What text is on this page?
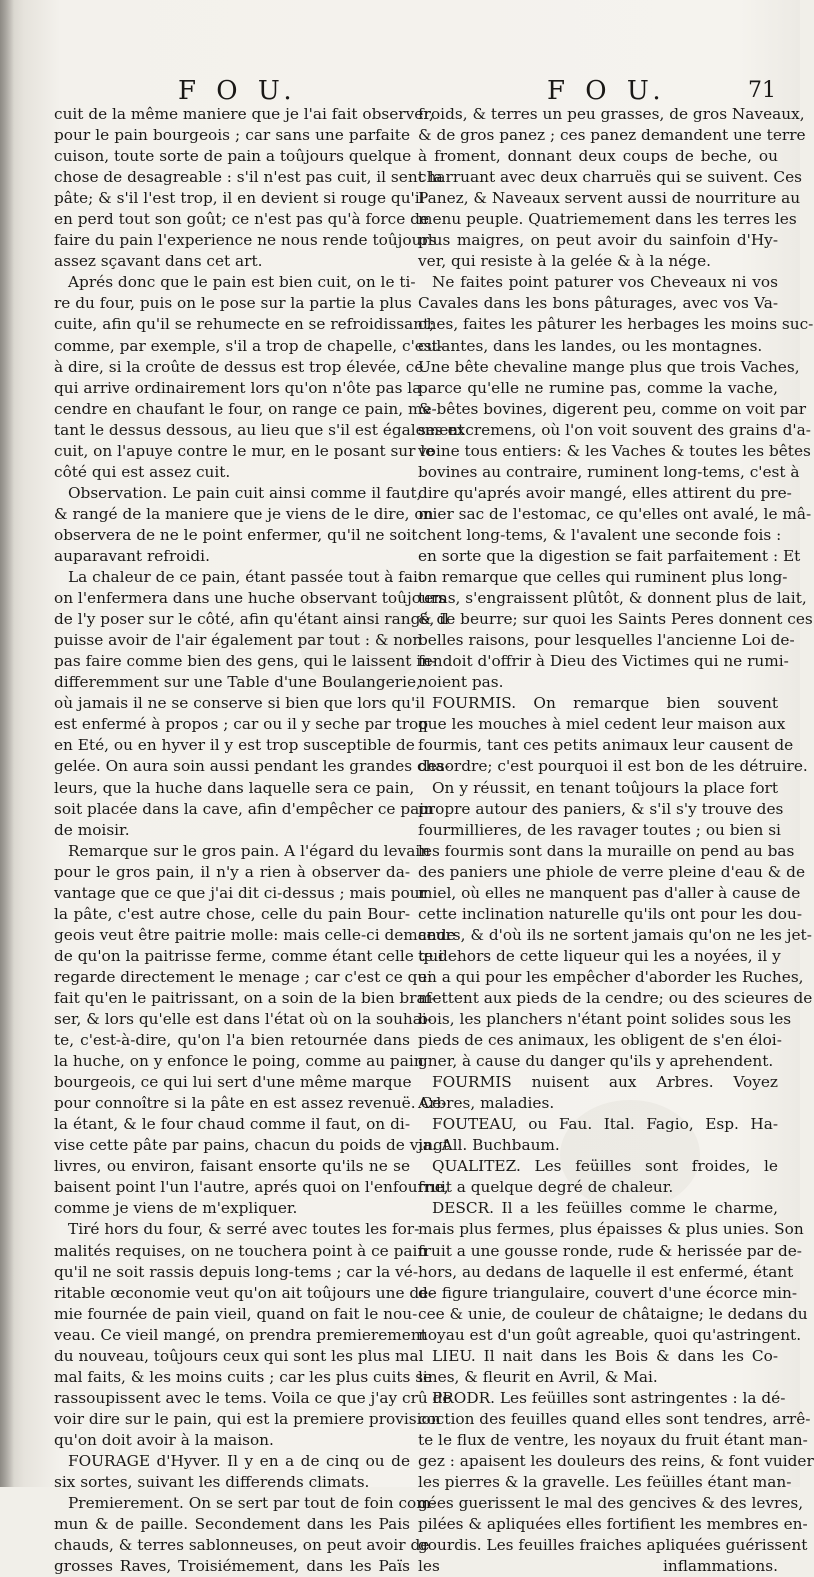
F O U.	F O U.	71
cuit de la même maniere que je l'ai fait observer,
pour le pain bourgeois ; car sans une parfaite
cuison, toute sorte de pain a toûjours quelque
chose de desagreable : s'il n'est pas cuit, il sent la
pâte; & s'il l'est trop, il en devient si rouge qu'il
en perd tout son goût; ce n'est pas qu'à force de
faire du pain l'experience ne nous rende toûjours
assez sçavant dans cet art.
Aprés donc que le pain est bien cuit, on le ti-
re du four, puis on le pose sur la partie la plus
cuite, afin qu'il se rehumecte en se refroidissant;
comme, par exemple, s'il a trop de chapelle, c'est-
à dire, si la croûte de dessus est trop élevée, ce
qui arrive ordinairement lors qu'on n'ôte pas la
cendre en chaufant le four, on range ce pain, me-
tant le dessus dessous, au lieu que s'il est également
cuit, on l'apuye contre le mur, en le posant sur le
côté qui est assez cuit.
Observation. Le pain cuit ainsi comme il faut,
& rangé de la maniere que je viens de le dire, on
observera de ne le point enfermer, qu'il ne soit
auparavant refroidi.
La chaleur de ce pain, étant passée tout à fait
on l'enfermera dans une huche observant toûjours
de l'y poser sur le côté, afin qu'étant ainsi rangé, il
puisse avoir de l'air également par tout : & non
pas faire comme bien des gens, qui le laissent in-
differemment sur une Table d'une Boulangerie,
où jamais il ne se conserve si bien que lors qu'il
est enfermé à propos ; car ou il y seche par trop
en Eté, ou en hyver il y est trop susceptible de
gelée. On aura soin aussi pendant les grandes cha-
leurs, que la huche dans laquelle sera ce pain,
soit placée dans la cave, afin d'empêcher ce pain
de moisir.
Remarque sur le gros pain. A l'égard du levain
pour le gros pain, il n'y a rien à observer da-
vantage que ce que j'ai dit ci-dessus ; mais pour
la pâte, c'est autre chose, celle du pain Bour-
geois veut être paitrie molle: mais celle-ci demande
de qu'on la paitrisse ferme, comme étant celle qui
regarde directement le menage ; car c'est ce qui
fait qu'en le paitrissant, on a soin de la bien braf-
ser, & lors qu'elle est dans l'état où on la souhai-
te, c'est-à-dire, qu'on l'a bien retournée dans
la huche, on y enfonce le poing, comme au pain
bourgeois, ce qui lui sert d'une même marque
pour connoître si la pâte en est assez revenuë. Ce-
la étant, & le four chaud comme il faut, on di-
vise cette pâte par pains, chacun du poids de vingt
livres, ou environ, faisant ensorte qu'ils ne se
baisent point l'un l'autre, aprés quoi on l'enfourne,
comme je viens de m'expliquer.
Tiré hors du four, & serré avec toutes les for-
malités requises, on ne touchera point à ce pain
qu'il ne soit rassis depuis long-tems ; car la vé-
ritable œconomie veut qu'on ait toûjours une de-
mie fournée de pain vieil, quand on fait le nou-
veau. Ce vieil mangé, on prendra premierement
du nouveau, toûjours ceux qui sont les plus mal
mal faits, & les moins cuits ; car les plus cuits se
rassoupissent avec le tems. Voila ce que j'ay crû de
voir dire sur le pain, qui est la premiere provision
qu'on doit avoir à la maison.
FOURAGE d'Hyver. Il y en a de cinq ou de
six sortes, suivant les differends climats.
Premierement. On se sert par tout de foin com-
mun & de paille. Secondement dans les Pais
chauds, & terres sablonneuses, on peut avoir de
grosses Raves, Troisiémement, dans les Païs
froids, & terres un peu grasses, de gros Naveaux,
& de gros panez ; ces panez demandent une terre
à froment, donnant deux coups de beche, ou
charruant avec deux charruës qui se suivent. Ces
Panez, & Naveaux servent aussi de nourriture au
menu peuple. Quatriemement dans les terres les
plus maigres, on peut avoir du sainfoin d'Hy-
ver, qui resiste à la gelée & à la nége.
Ne faites point paturer vos Cheveaux ni vos
Cavales dans les bons pâturages, avec vos Va-
ches, faites les pâturer les herbages les moins suc-
culantes, dans les landes, ou les montagnes.
Une bête chevaline mange plus que trois Vaches,
parce qu'elle ne rumine pas, comme la vache,
& bêtes bovines, digerent peu, comme on voit par
ses excremens, où l'on voit souvent des grains d'a-
voine tous entiers: & les Vaches & toutes les bêtes
bovines au contraire, ruminent long-tems, c'est à
dire qu'aprés avoir mangé, elles attirent du pre-
mier sac de l'estomac, ce qu'elles ont avalé, le mâ-
chent long-tems, & l'avalent une seconde fois :
en sorte que la digestion se fait parfaitement : Et
on remarque que celles qui ruminent plus long-
tems, s'engraissent plûtôt, & donnent plus de lait,
& de beurre; sur quoi les Saints Peres donnent ces
belles raisons, pour lesquelles l'ancienne Loi de-
fendoit d'offrir à Dieu des Victimes qui ne rumi-
noient pas.
FOURMIS. On remarque bien souvent
que les mouches à miel cedent leur maison aux
fourmis, tant ces petits animaux leur causent de
desordre; c'est pourquoi il est bon de les détruire.
On y réussit, en tenant toûjours la place fort
propre autour des paniers, & s'il s'y trouve des
fourmillieres, de les ravager toutes ; ou bien si
les fourmis sont dans la muraille on pend au bas
des paniers une phiole de verre pleine d'eau & de
miel, où elles ne manquent pas d'aller à cause de
cette inclination naturelle qu'ils ont pour les dou-
ceurs, & d'où ils ne sortent jamais qu'on ne les jet-
te dehors de cette liqueur qui les a noyées, il y
en a qui pour les empêcher d'aborder les Ruches,
mettent aux pieds de la cendre; ou des scieures de
bois, les planchers n'étant point solides sous les
pieds de ces animaux, les obligent de s'en éloi-
gner, à cause du danger qu'ils y aprehendent.
FOURMIS nuisent aux Arbres. Voyez
Arbres, maladies.
FOUTEAU, ou Fau. Ital. Fagio, Esp. Ha-
ja. All. Buchbaum.
QUALITEZ. Les feüilles sont froides, le
fruit a quelque degré de chaleur.
DESCR. Il a les feüilles comme le charme,
mais plus fermes, plus épaisses & plus unies. Son
fruit a une gousse ronde, rude & herissée par de-
hors, au dedans de laquelle il est enfermé, étant
de figure triangulaire, couvert d'une écorce min-
cee & unie, de couleur de châtaigne; le dedans du
noyau est d'un goût agreable, quoi qu'astringent.
LIEU. Il nait dans les Bois & dans les Co-
lines, & fleurit en Avril, & Mai.
PRODR. Les feüilles sont astringentes : la dé-
coction des feuilles quand elles sont tendres, arrê-
te le flux de ventre, les noyaux du fruit étant man-
gez : apaisent les douleurs des reins, & font vuider
les pierres & la gravelle. Les feüilles étant man-
gées guerissent le mal des gencives & des levres,
pilées & apliquées elles fortifient les membres en-
gourdis. Les feuilles fraiches apliquées guérissent
les inflammations.
